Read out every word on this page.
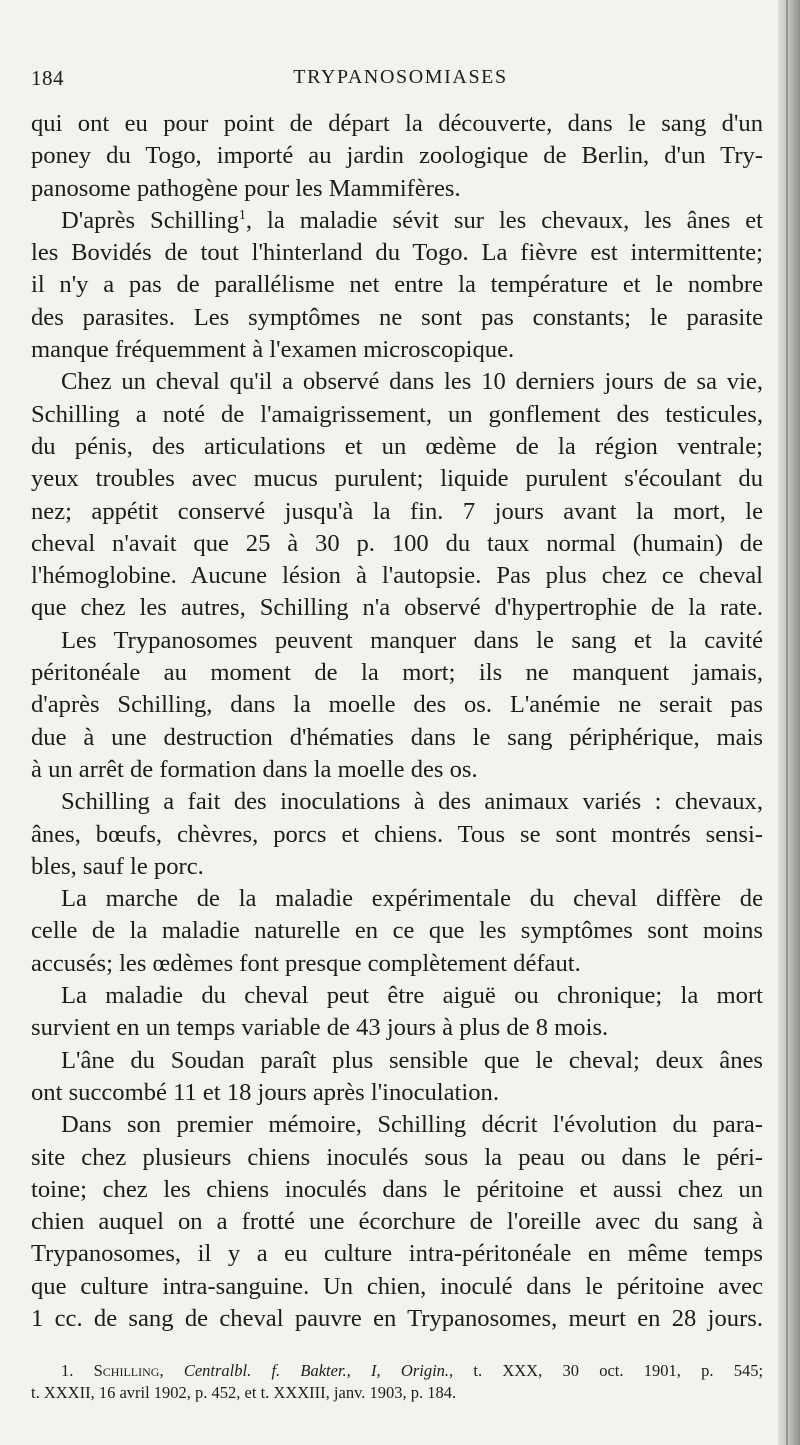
184	TRYPANOSOMIASES
qui ont eu pour point de départ la découverte, dans le sang d'un
poney du Togo, importé au jardin zoologique de Berlin, d'un Try-
panosome pathogène pour les Mammifères.
D'après Schilling$^1$, la maladie sévit sur les chevaux, les ânes et
les Bovidés de tout l'hinterland du Togo. La fièvre est intermittente;
il n'y a pas de parallélisme net entre la température et le nombre
des parasites. Les symptômes ne sont pas constants; le parasite
manque fréquemment à l'examen microscopique.
Chez un cheval qu'il a observé dans les 10 derniers jours de sa vie,
Schilling a noté de l'amaigrissement, un gonflement des testicules,
du pénis, des articulations et un œdème de la région ventrale;
yeux troubles avec mucus purulent; liquide purulent s'écoulant du
nez; appétit conservé jusqu'à la fin. 7 jours avant la mort, le
cheval n'avait que 25 à 30 p. 100 du taux normal (humain) de
l'hémoglobine. Aucune lésion à l'autopsie. Pas plus chez ce cheval
que chez les autres, Schilling n'a observé d'hypertrophie de la rate.
Les Trypanosomes peuvent manquer dans le sang et la cavité
péritonéale au moment de la mort; ils ne manquent jamais,
d'après Schilling, dans la moelle des os. L'anémie ne serait pas
due à une destruction d'hématies dans le sang périphérique, mais
à un arrêt de formation dans la moelle des os.
Schilling a fait des inoculations à des animaux variés : chevaux,
ânes, bœufs, chèvres, porcs et chiens. Tous se sont montrés sensi-
bles, sauf le porc.
La marche de la maladie expérimentale du cheval diffère de
celle de la maladie naturelle en ce que les symptômes sont moins
accusés; les œdèmes font presque complètement défaut.
La maladie du cheval peut être aiguë ou chronique; la mort
survient en un temps variable de 43 jours à plus de 8 mois.
L'âne du Soudan paraît plus sensible que le cheval; deux ânes
ont succombé 11 et 18 jours après l'inoculation.
Dans son premier mémoire, Schilling décrit l'évolution du para-
site chez plusieurs chiens inoculés sous la peau ou dans le péri-
toine; chez les chiens inoculés dans le péritoine et aussi chez un
chien auquel on a frotté une écorchure de l'oreille avec du sang à
Trypanosomes, il y a eu culture intra-péritonéale en même temps
que culture intra-sanguine. Un chien, inoculé dans le péritoine avec
1 cc. de sang de cheval pauvre en Trypanosomes, meurt en 28 jours.
1. Schilling, Centralbl. f. Bakter., I, Origin., t. XXX, 30 oct. 1901, p. 545;
t. XXXII, 16 avril 1902, p. 452, et t. XXXIII, janv. 1903, p. 184.
